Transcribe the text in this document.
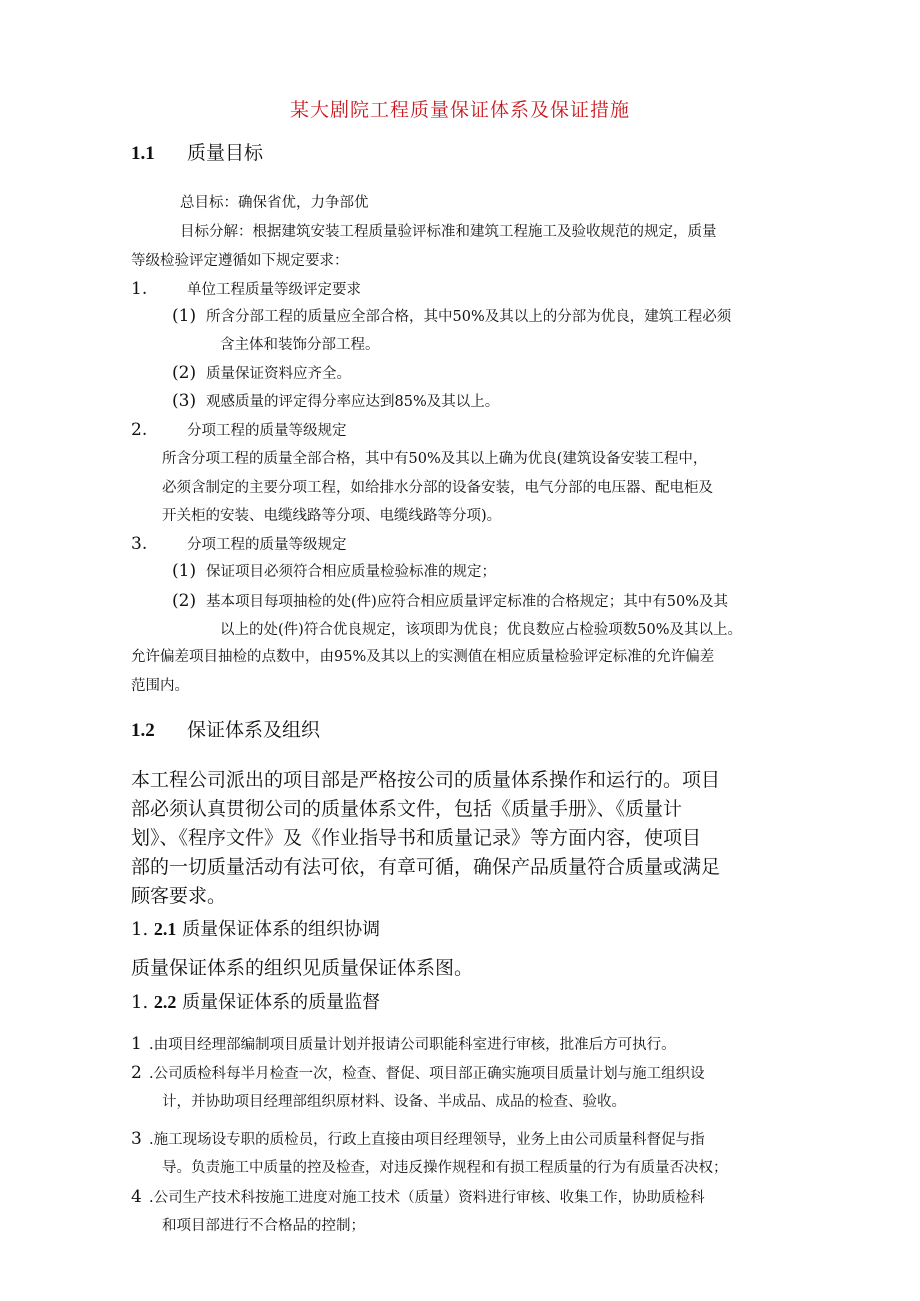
某大剧院工程质量保证体系及保证措施
1.1 质量目标
总目标：确保省优，力争部优
目标分解：根据建筑安装工程质量验评标准和建筑工程施工及验收规范的规定，质量
等级检验评定遵循如下规定要求：
1.	单位工程质量等级评定要求
(1) 所含分部工程的质量应全部合格，其中50%及其以上的分部为优良，建筑工程必须
含主体和装饰分部工程。
(2) 质量保证资料应齐全。
(3) 观感质量的评定得分率应达到85%及其以上。
2.	分项工程的质量等级规定
所含分项工程的质量全部合格，其中有50%及其以上确为优良(建筑设备安装工程中，
必须含制定的主要分项工程，如给排水分部的设备安装，电气分部的电压器、配电柜及
开关柜的安装、电缆线路等分项、电缆线路等分项)。
3.	分项工程的质量等级规定
(1) 保证项目必须符合相应质量检验标准的规定；
(2) 基本项目每项抽检的处(件)应符合相应质量评定标准的合格规定；其中有50%及其
以上的处(件)符合优良规定，该项即为优良；优良数应占检验项数50%及其以上。
允许偏差项目抽检的点数中，由95%及其以上的实测值在相应质量检验评定标准的允许偏差
范围内。
1.2 保证体系及组织
本工程公司派出的项目部是严格按公司的质量体系操作和运行的。项目
部必须认真贯彻公司的质量体系文件，包括《质量手册》、《质量计
划》、《程序文件》及《作业指导书和质量记录》等方面内容，使项目
部的一切质量活动有法可依，有章可循，确保产品质量符合质量或满足
顾客要求。
1. 2.1 质量保证体系的组织协调
质量保证体系的组织见质量保证体系图。
1. 2.2 质量保证体系的质量监督
1 .由项目经理部编制项目质量计划并报请公司职能科室进行审核，批准后方可执行。
2 .公司质检科每半月检查一次，检查、督促、项目部正确实施项目质量计划与施工组织设
计，并协助项目经理部组织原材料、设备、半成品、成品的检查、验收。
3 .施工现场设专职的质检员，行政上直接由项目经理领导，业务上由公司质量科督促与指
导。负责施工中质量的控及检查，对违反操作规程和有损工程质量的行为有质量否决权；
4 .公司生产技术科按施工进度对施工技术（质量）资料进行审核、收集工作，协助质检科
和项目部进行不合格品的控制；
